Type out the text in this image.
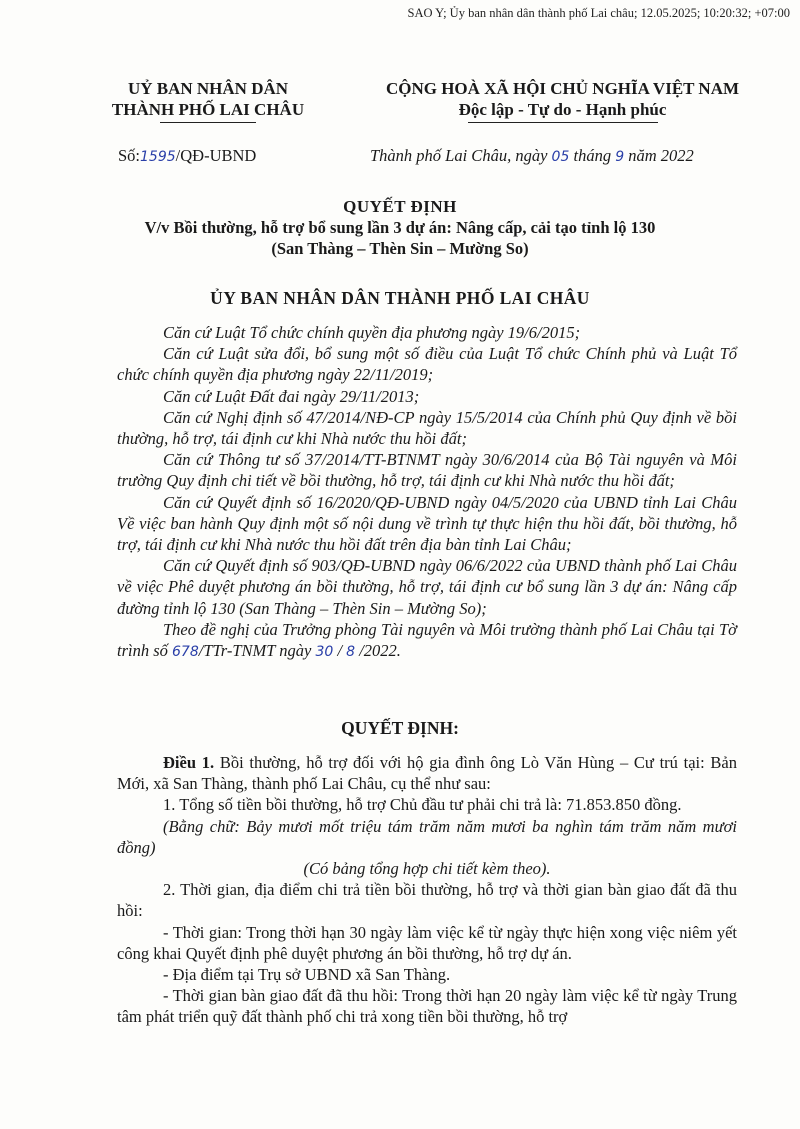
SAO Y; Ủy ban nhân dân thành phố Lai châu; 12.05.2025; 10:20:32; +07:00
UỶ BAN NHÂN DÂN
THÀNH PHỐ LAI CHÂU
CỘNG HOÀ XÃ HỘI CHỦ NGHĨA VIỆT NAM
Độc lập - Tự do - Hạnh phúc
Số:1595/QĐ-UBND	Thành phố Lai Châu, ngày 05 tháng 9 năm 2022
QUYẾT ĐỊNH
V/v Bồi thường, hỗ trợ bổ sung lần 3 dự án: Nâng cấp, cải tạo tỉnh lộ 130
(San Thàng – Thèn Sin – Mường So)
ỦY BAN NHÂN DÂN THÀNH PHỐ LAI CHÂU

Căn cứ Luật Tổ chức chính quyền địa phương ngày 19/6/2015;

Căn cứ Luật sửa đổi, bổ sung một số điều của Luật Tổ chức Chính phủ và Luật Tổ chức chính quyền địa phương ngày 22/11/2019;

Căn cứ Luật Đất đai ngày 29/11/2013;

Căn cứ Nghị định số 47/2014/NĐ-CP ngày 15/5/2014 của Chính phủ Quy định về bồi thường, hỗ trợ, tái định cư khi Nhà nước thu hồi đất;

Căn cứ Thông tư số 37/2014/TT-BTNMT ngày 30/6/2014 của Bộ Tài nguyên và Môi trường Quy định chi tiết về bồi thường, hỗ trợ, tái định cư khi Nhà nước thu hồi đất;

Căn cứ Quyết định số 16/2020/QĐ-UBND ngày 04/5/2020 của UBND tỉnh Lai Châu Về việc ban hành Quy định một số nội dung về trình tự thực hiện thu hồi đất, bồi thường, hỗ trợ, tái định cư khi Nhà nước thu hồi đất trên địa bàn tỉnh Lai Châu;

Căn cứ Quyết định số 903/QĐ-UBND ngày 06/6/2022 của UBND thành phố Lai Châu về việc Phê duyệt phương án bồi thường, hỗ trợ, tái định cư bổ sung lần 3 dự án: Nâng cấp đường tỉnh lộ 130 (San Thàng – Thèn Sin – Mường So);

Theo đề nghị của Trưởng phòng Tài nguyên và Môi trường thành phố Lai Châu tại Tờ trình số 678/TTr-TNMT ngày 30 / 8 /2022.

QUYẾT ĐỊNH:

Điều 1. Bồi thường, hỗ trợ đối với hộ gia đình ông Lò Văn Hùng – Cư trú tại: Bản Mới, xã San Thàng, thành phố Lai Châu, cụ thể như sau:

1. Tổng số tiền bồi thường, hỗ trợ Chủ đầu tư phải chi trả là: 71.853.850 đồng.

(Bằng chữ: Bảy mươi mốt triệu tám trăm năm mươi ba nghìn tám trăm năm mươi đồng)

(Có bảng tổng hợp chi tiết kèm theo).

2. Thời gian, địa điểm chi trả tiền bồi thường, hỗ trợ và thời gian bàn giao đất đã thu hồi:

- Thời gian: Trong thời hạn 30 ngày làm việc kể từ ngày thực hiện xong việc niêm yết công khai Quyết định phê duyệt phương án bồi thường, hỗ trợ dự án.

- Địa điểm tại Trụ sở UBND xã San Thàng.

- Thời gian bàn giao đất đã thu hồi: Trong thời hạn 20 ngày làm việc kể từ ngày Trung tâm phát triển quỹ đất thành phố chi trả xong tiền bồi thường, hỗ trợ
